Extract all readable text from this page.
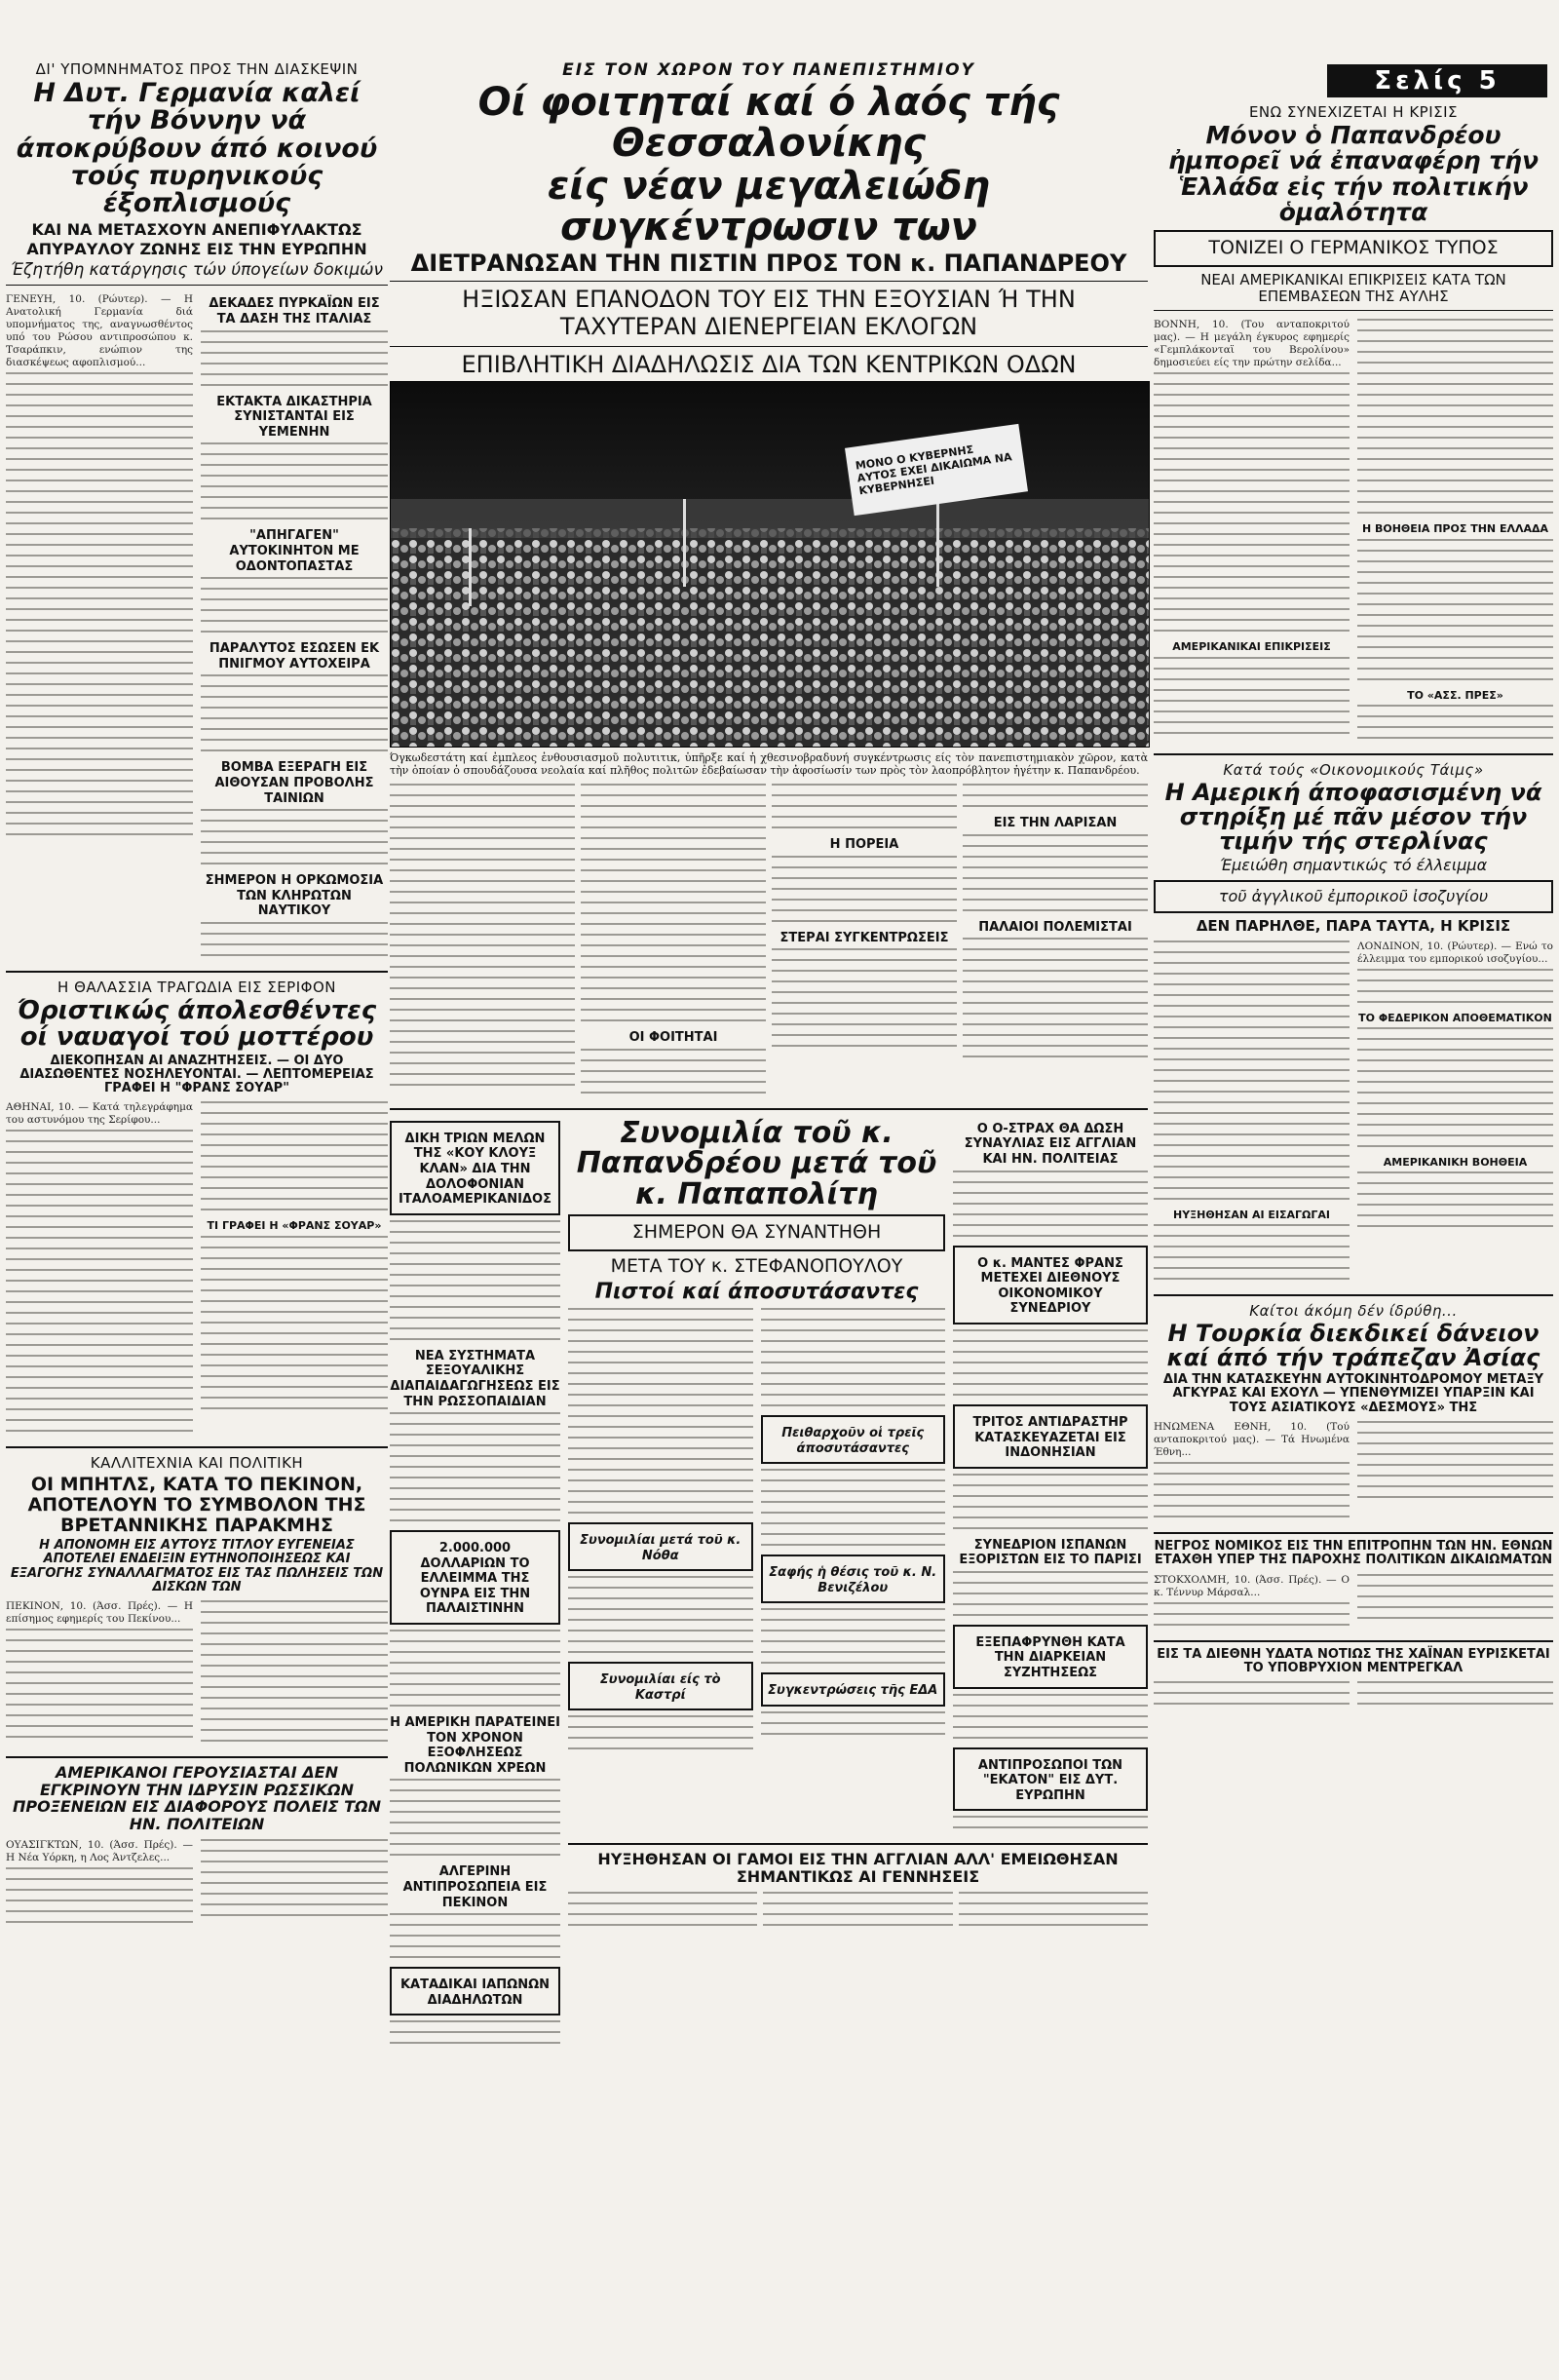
ΔΙ' ΥΠΟΜΝΗΜΑΤΟΣ ΠΡΟΣ ΤΗΝ ΔΙΑΣΚΕΨΙΝ
Η Δυτ. Γερμανία καλεί τήν Βόννην νά άποκρύβουν άπό κοινού τούς πυρηνικούς έξοπλισμούς
ΚΑΙ ΝΑ ΜΕΤΑΣΧΟΥΝ ΑΝΕΠΙΦΥΛΑΚΤΩΣ
ΑΠΥΡΑΥΛΟΥ ΖΩΝΗΣ ΕΙΣ ΤΗΝ ΕΥΡΩΠΗΝ
Έζητήθη κατάργησις τών ύπογείων δοκιμών
ΓΕΝΕΥΗ, 10. (Ρώυτερ). — Η Ανατολική Γερμανία διά υπομνήματος της, αναγνωσθέντος υπό του Ρώσου αντιπροσώπου κ. Τσαράπκιν, ενώπιον της διασκέψεως αφοπλισμού...
ΔΕΚΑΔΕΣ ΠΥΡΚΑΪΩΝ ΕΙΣ ΤΑ ΔΑΣΗ ΤΗΣ ΙΤΑΛΙΑΣ
ΕΚΤΑΚΤΑ ΔΙΚΑΣΤΗΡΙΑ ΣΥΝΙΣΤΑΝΤΑΙ ΕΙΣ ΥΕΜΕΝΗΝ
"ΑΠΗΓΑΓΕΝ" ΑΥΤΟΚΙΝΗΤΟΝ ΜΕ ΟΔΟΝΤΟΠΑΣΤΑΣ
ΠΑΡΑΛΥΤΟΣ ΕΣΩΣΕΝ ΕΚ ΠΝΙΓΜΟΥ ΑΥΤΟΧΕΙΡΑ
ΒΟΜΒΑ ΕΞΕΡΑΓΗ ΕΙΣ ΑΙΘΟΥΣΑΝ ΠΡΟΒΟΛΗΣ ΤΑΙΝΙΩΝ
ΣΗΜΕΡΟΝ Η ΟΡΚΩΜΟΣΙΑ ΤΩΝ ΚΛΗΡΩΤΩΝ ΝΑΥΤΙΚΟΥ
Η ΘΑΛΑΣΣΙΑ ΤΡΑΓΩΔΙΑ ΕΙΣ ΣΕΡΙΦΟΝ
Όριστικώς άπολεσθέντες οί ναυαγοί τού μοττέρου
ΔΙΕΚΟΠΗΣΑΝ ΑΙ ΑΝΑΖΗΤΗΣΕΙΣ. — ΟΙ ΔΥΟ ΔΙΑΣΩΘΕΝΤΕΣ ΝΟΣΗΛΕΥΟΝΤΑΙ. — ΛΕΠΤΟΜΕΡΕΙΑΣ ΓΡΑΦΕΙ Η "ΦΡΑΝΣ ΣΟΥΑΡ"
ΑΘΗΝΑΙ, 10. — Κατά τηλεγράφημα του αστυνόμου της Σερίφου...
ΤΙ ΓΡΑΦΕΙ Η «ΦΡΑΝΣ ΣΟΥΑΡ»
ΚΑΛΛΙΤΕΧΝΙΑ ΚΑΙ ΠΟΛΙΤΙΚΗ
ΟΙ ΜΠΗΤΛΣ, ΚΑΤΑ ΤΟ ΠΕΚΙΝΟΝ, ΑΠΟΤΕΛΟΥΝ ΤΟ ΣΥΜΒΟΛΟΝ ΤΗΣ ΒΡΕΤΑΝΝΙΚΗΣ ΠΑΡΑΚΜΗΣ
Η ΑΠΟΝΟΜΗ ΕΙΣ ΑΥΤΟΥΣ ΤΙΤΛΟΥ ΕΥΓΕΝΕΙΑΣ ΑΠΟΤΕΛΕΙ ΕΝΔΕΙΞΙΝ ΕΥΤΗΝΟΠΟΙΗΣΕΩΣ ΚΑΙ ΕΞΑΓΟΓΗΣ ΣΥΝΑΛΛΑΓΜΑΤΟΣ ΕΙΣ ΤΑΣ ΠΩΛΗΣΕΙΣ ΤΩΝ ΔΙΣΚΩΝ ΤΩΝ
ΠΕΚΙΝΟΝ, 10. (Άσσ. Πρές). — Η επίσημος εφημερίς του Πεκίνου...
ΑΜΕΡΙΚΑΝΟΙ ΓΕΡΟΥΣΙΑΣΤΑΙ ΔΕΝ ΕΓΚΡΙΝΟΥΝ ΤΗΝ ΙΔΡΥΣΙΝ ΡΩΣΣΙΚΩΝ ΠΡΟΞΕΝΕΙΩΝ ΕΙΣ ΔΙΑΦΟΡΟΥΣ ΠΟΛΕΙΣ ΤΩΝ ΗΝ. ΠΟΛΙΤΕΙΩΝ
ΟΥΑΣΙΓΚΤΩΝ, 10. (Άσσ. Πρές). — Η Νέα Υόρκη, η Λος Άντζελες...
ΕΙΣ ΤΟΝ ΧΩΡΟΝ ΤΟΥ ΠΑΝΕΠΙΣΤΗΜΙΟΥ
Οί φοιτηταί καί ό λαός τής Θεσσαλονίκης
είς νέαν μεγαλειώδη συγκέντρωσιν των
ΔΙΕΤΡΑΝΩΣΑΝ ΤΗΝ ΠΙΣΤΙΝ ΠΡΟΣ ΤΟΝ κ. ΠΑΠΑΝΔΡΕΟΥ
ΗΞΙΩΣΑΝ ΕΠΑΝΟΔΟΝ ΤΟΥ ΕΙΣ ΤΗΝ ΕΞΟΥΣΙΑΝ Ή ΤΗΝ ΤΑΧΥΤΕΡΑΝ ΔΙΕΝΕΡΓΕΙΑΝ ΕΚΛΟΓΩΝ
ΕΠΙΒΛΗΤΙΚΗ ΔΙΑΔΗΛΩΣΙΣ ΔΙΑ ΤΩΝ ΚΕΝΤΡΙΚΩΝ ΟΔΩΝ
ΜΟΝΟ Ο ΚΥΒΕΡΝΗΣ ΑΥΤΟΣ ΕΧΕΙ ΔΙΚΑΙΩΜΑ ΝΑ ΚΥΒΕΡΝΗΣΕΙ
Όγκωδεστάτη καί ἐμπλεος ἐνθουσιασμοῦ πολυτιτικ, ὑπῆρξε καί ἡ χθεσινοβραδυνή συγκέντρωσις είς τὸν πανεπιστημιακὸν χῶρον, κατὰ τὴν ὁποίαν ὁ σπουδάζουσα νεολαία καί πλῆθος πολιτῶν ἐδεβαίωσαν τὴν ἀφοσίωσίν των πρὸς τὸν λαοπρόβλητον ἡγέτην κ. Παπανδρέου.
ΟΙ ΦΟΙΤΗΤΑΙ
Η ΠΟΡΕΙΑ
ΣΤΕΡΑΙ ΣΥΓΚΕΝΤΡΩΣΕΙΣ
ΕΙΣ ΤΗΝ ΛΑΡΙΣΑΝ
ΠΑΛΑΙΟΙ ΠΟΛΕΜΙΣΤΑΙ
ΔΙΚΗ ΤΡΙΩΝ ΜΕΛΩΝ ΤΗΣ «ΚΟΥ ΚΛΟΥΞ ΚΛΑΝ» ΔΙΑ ΤΗΝ ΔΟΛΟΦΟΝΙΑΝ ΙΤΑΛΟΑΜΕΡΙΚΑΝΙΔΟΣ
ΝΕΑ ΣΥΣΤΗΜΑΤΑ ΣΕΞΟΥΑΛΙΚΗΣ ΔΙΑΠΑΙΔΑΓΩΓΗΣΕΩΣ ΕΙΣ ΤΗΝ ΡΩΣΣΟΠΑΙΔΙΑΝ
2.000.000 ΔΟΛΛΑΡΙΩΝ ΤΟ ΕΛΛΕΙΜΜΑ ΤΗΣ ΟΥΝΡΑ ΕΙΣ ΤΗΝ ΠΑΛΑΙΣΤΙΝΗΝ
Η ΑΜΕΡΙΚΗ ΠΑΡΑΤΕΙΝΕΙ ΤΟΝ ΧΡΟΝΟΝ ΕΞΟΦΛΗΣΕΩΣ ΠΟΛΩΝΙΚΩΝ ΧΡΕΩΝ
ΑΛΓΕΡΙΝΗ ΑΝΤΙΠΡΟΣΩΠΕΙΑ ΕΙΣ ΠΕΚΙΝΟΝ
ΚΑΤΑΔΙΚΑΙ ΙΑΠΩΝΩΝ ΔΙΑΔΗΛΩΤΩΝ
Συνομιλία τοῦ κ. Παπανδρέου μετά τοῦ κ. Παπαπολίτη
ΣΗΜΕΡΟΝ ΘΑ ΣΥΝΑΝΤΗΘΗ
ΜΕΤΑ ΤΟΥ κ. ΣΤΕΦΑΝΟΠΟΥΛΟΥ
Πιστοί καί άποσυτάσαντες
Συνομιλίαι μετά τοῦ κ. Νόθα
Συνομιλίαι είς τὸ Καστρί
Πειθαρχοῦν οἱ τρεῖς άποσυτάσαντες
Σαφής ἡ θέσις τοῦ κ. Ν. Βενιζέλου
Συγκεντρώσεις τῆς ΕΔΑ
Ο Ο-ΣΤΡΑΧ ΘΑ ΔΩΣΗ ΣΥΝΑΥΛΙΑΣ ΕΙΣ ΑΓΓΛΙΑΝ ΚΑΙ ΗΝ. ΠΟΛΙΤΕΙΑΣ
Ο κ. ΜΑΝΤΕΣ ΦΡΑΝΣ ΜΕΤΕΧΕΙ ΔΙΕΘΝΟΥΣ ΟΙΚΟΝΟΜΙΚΟΥ ΣΥΝΕΔΡΙΟΥ
ΤΡΙΤΟΣ ΑΝΤΙΔΡΑΣΤΗΡ ΚΑΤΑΣΚΕΥΑΖΕΤΑΙ ΕΙΣ ΙΝΔΟΝΗΣΙΑΝ
ΣΥΝΕΔΡΙΟΝ ΙΣΠΑΝΩΝ ΕΞΟΡΙΣΤΩΝ ΕΙΣ ΤΟ ΠΑΡΙΣΙ
ΕΞΕΠΑΦΡΥΝΘΗ ΚΑΤΑ ΤΗΝ ΔΙΑΡΚΕΙΑΝ ΣΥΖΗΤΗΣΕΩΣ
ΑΝΤΙΠΡΟΣΩΠΟΙ ΤΩΝ "ΕΚΑΤΟΝ" ΕΙΣ ΔΥΤ. ΕΥΡΩΠΗΝ
ΗΥΞΗΘΗΣΑΝ ΟΙ ΓΑΜΟΙ ΕΙΣ ΤΗΝ ΑΓΓΛΙΑΝ ΑΛΛ' ΕΜΕΙΩΘΗΣΑΝ ΣΗΜΑΝΤΙΚΩΣ ΑΙ ΓΕΝΝΗΣΕΙΣ
Σελίς 5
ΕΝΩ ΣΥΝΕΧΙΖΕΤΑΙ Η ΚΡΙΣΙΣ
Μόνον ὁ Παπανδρέου ἠμπορεῖ νά ἐπαναφέρη τήν Ἑλλάδα εἰς τήν πολιτικήν ὁμαλότητα
ΤΟΝΙΖΕΙ Ο ΓΕΡΜΑΝΙΚΟΣ ΤΥΠΟΣ
ΝΕΑΙ ΑΜΕΡΙΚΑΝΙΚΑΙ ΕΠΙΚΡΙΣΕΙΣ ΚΑΤΑ ΤΩΝ ΕΠΕΜΒΑΣΕΩΝ ΤΗΣ ΑΥΛΗΣ
ΒΟΝΝΗ, 10. (Του ανταποκριτού μας). — Η μεγάλη έγκυρος εφημερίς «Γεμπλάκονταϊ του Βερολίνου» δημοσιεύει είς την πρώτην σελίδα...
ΑΜΕΡΙΚΑΝΙΚΑΙ ΕΠΙΚΡΙΣΕΙΣ
Η ΒΟΗΘΕΙΑ ΠΡΟΣ ΤΗΝ ΕΛΛΑΔΑ
ΤΟ «ΑΣΣ. ΠΡΕΣ»
Κατά τούς «Οικονομικούς Τάιμς»
Η Αμερική άποφασισμένη νά στηρίξη μέ πᾶν μέσον τήν τιμήν τής στερλίνας
Έμειώθη σημαντικώς τό έλλειμμα
τοῦ ἀγγλικοῦ ἐμπορικοῦ ἰσοζυγίου
ΔΕΝ ΠΑΡΗΛΘΕ, ΠΑΡΑ ΤΑΥΤΑ, Η ΚΡΙΣΙΣ
ΗΥΞΗΘΗΣΑΝ ΑΙ ΕΙΣΑΓΩΓΑΙ
ΛΟΝΔΙΝΟΝ, 10. (Ρώυτερ). — Ενώ το έλλειμμα του εμπορικού ισοζυγίου...
ΤΟ ΦΕΔΕΡΙΚΟΝ ΑΠΟΘΕΜΑΤΙΚΟΝ
ΑΜΕΡΙΚΑΝΙΚΗ ΒΟΗΘΕΙΑ
Καίτοι άκόμη δέν ίδρύθη...
Η Τουρκία διεκδικεί δάνειον καί άπό τήν τράπεζαν Ἀσίας
ΔΙΑ ΤΗΝ ΚΑΤΑΣΚΕΥΗΝ ΑΥΤΟΚΙΝΗΤΟΔΡΟΜΟΥ ΜΕΤΑΞΥ ΑΓΚΥΡΑΣ ΚΑΙ ΕΧΟΥΛ — ΥΠΕΝΘΥΜΙΖΕΙ ΥΠΑΡΞΙΝ ΚΑΙ ΤΟΥΣ ΑΣΙΑΤΙΚΟΥΣ «ΔΕΣΜΟΥΣ» ΤΗΣ
ΗΝΩΜΕΝΑ ΕΘΝΗ, 10. (Τού ανταποκριτού μας). — Τά Ηνωμένα Έθνη...
ΝΕΓΡΟΣ ΝΟΜΙΚΟΣ ΕΙΣ ΤΗΝ ΕΠΙΤΡΟΠΗΝ ΤΩΝ ΗΝ. ΕΘΝΩΝ ΕΤΑΧΘΗ ΥΠΕΡ ΤΗΣ ΠΑΡΟΧΗΣ ΠΟΛΙΤΙΚΩΝ ΔΙΚΑΙΩΜΑΤΩΝ
ΣΤΟΚΧΟΛΜΗ, 10. (Άσσ. Πρές). — Ο κ. Τέννυρ Μάρσαλ...
ΕΙΣ ΤΑ ΔΙΕΘΝΗ ΥΔΑΤΑ ΝΟΤΙΩΣ ΤΗΣ ΧΑΪΝΑΝ ΕΥΡΙΣΚΕΤΑΙ ΤΟ ΥΠΟΒΡΥΧΙΟΝ ΜΕΝΤΡΕΓΚΑΛ
